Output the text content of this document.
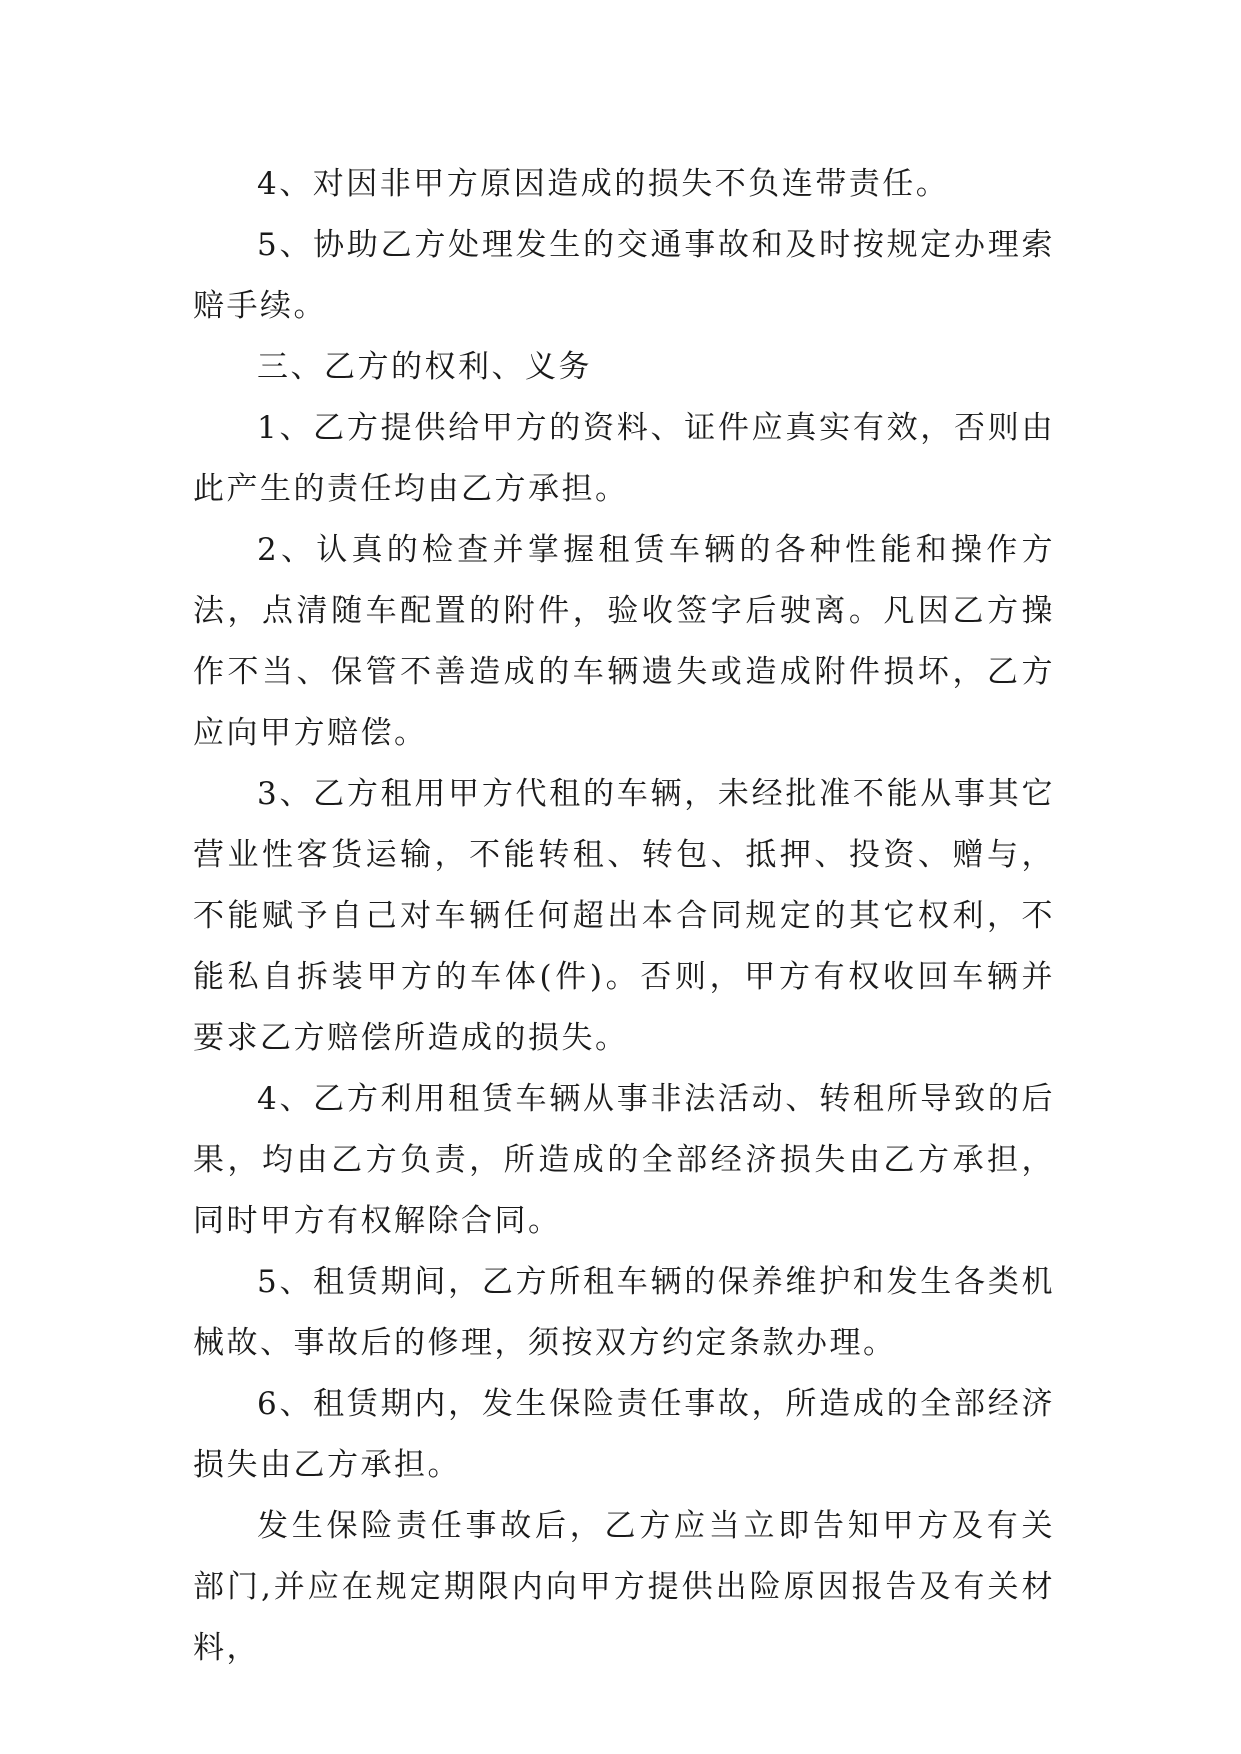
4、对因非甲方原因造成的损失不负连带责任。

5、协助乙方处理发生的交通事故和及时按规定办理索赔手续。

三、乙方的权利、义务

1、乙方提供给甲方的资料、证件应真实有效，否则由此产生的责任均由乙方承担。

2、认真的检查并掌握租赁车辆的各种性能和操作方法，点清随车配置的附件，验收签字后驶离。凡因乙方操作不当、保管不善造成的车辆遗失或造成附件损坏，乙方应向甲方赔偿。

3、乙方租用甲方代租的车辆，未经批准不能从事其它营业性客货运输，不能转租、转包、抵押、投资、赠与，不能赋予自己对车辆任何超出本合同规定的其它权利，不能私自拆装甲方的车体(件)。否则，甲方有权收回车辆并要求乙方赔偿所造成的损失。

4、乙方利用租赁车辆从事非法活动、转租所导致的后果，均由乙方负责，所造成的全部经济损失由乙方承担，同时甲方有权解除合同。

5、租赁期间，乙方所租车辆的保养维护和发生各类机械故、事故后的修理，须按双方约定条款办理。

6、租赁期内，发生保险责任事故，所造成的全部经济损失由乙方承担。

发生保险责任事故后，乙方应当立即告知甲方及有关部门,并应在规定期限内向甲方提供出险原因报告及有关材料，
